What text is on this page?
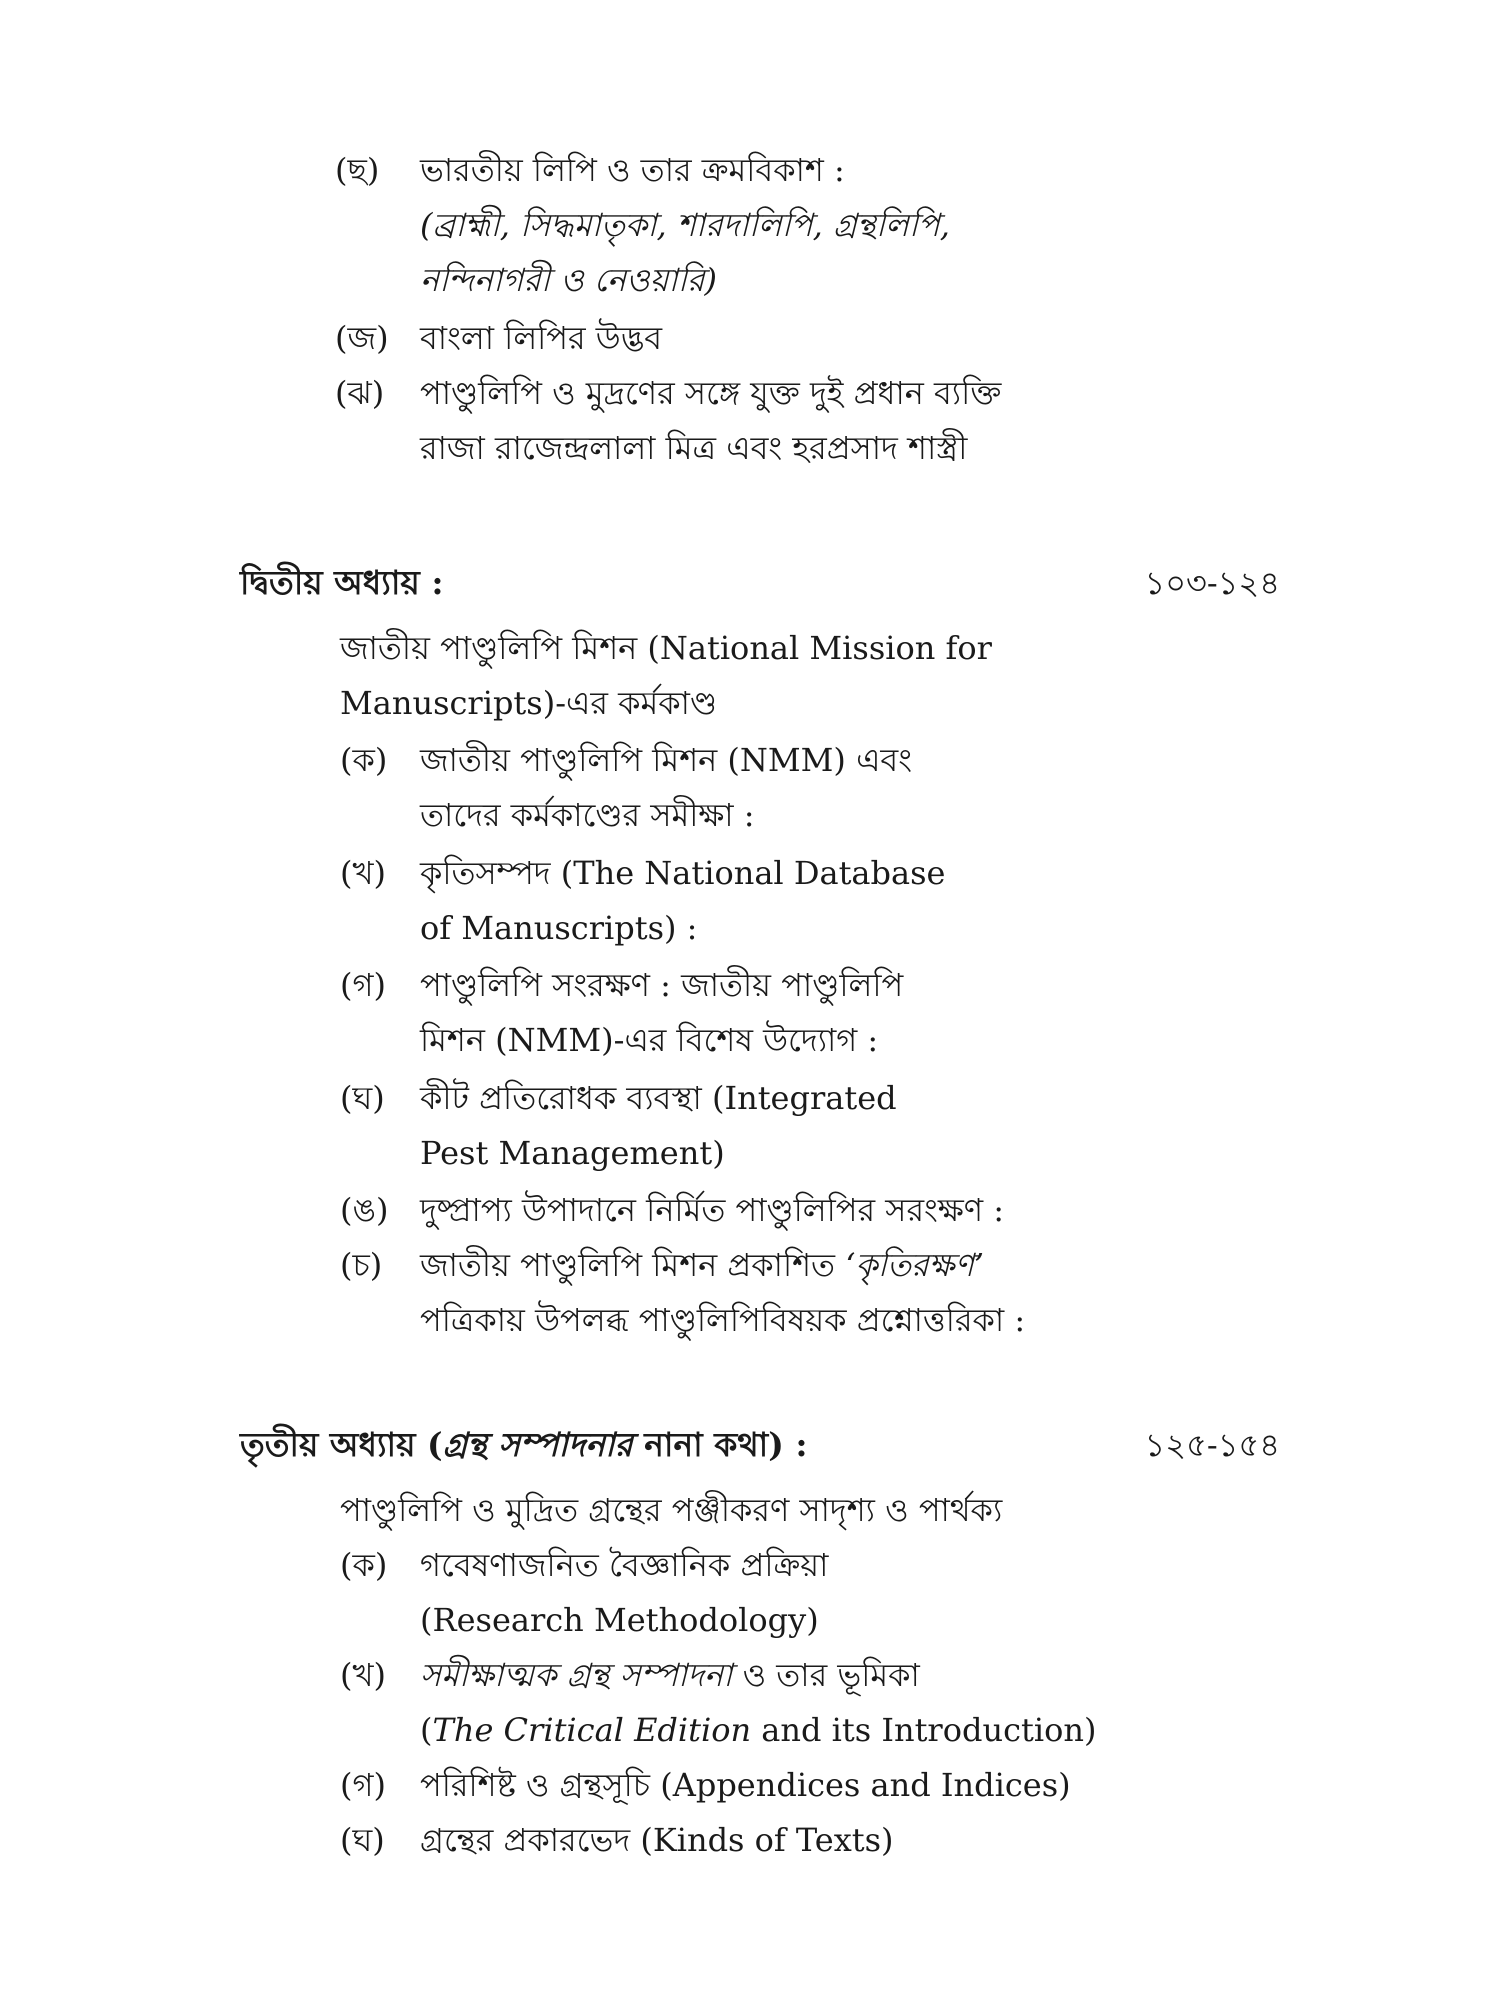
(ছ) ভারতীয় লিপি ও তার ক্রমবিকাশ :
(ব্রাহ্মী, সিদ্ধমাতৃকা, শারদালিপি, গ্রন্থলিপি,
নন্দিনাগরী ও নেওয়ারি)
(জ) বাংলা লিপির উদ্ভব
(ঝ) পাণ্ডুলিপি ও মুদ্রণের সঙ্গে যুক্ত দুই প্রধান ব্যক্তি
রাজা রাজেন্দ্রলালা মিত্র এবং হরপ্রসাদ শাস্ত্রী
দ্বিতীয় অধ্যায় :	১০৩-১২৪
জাতীয় পাণ্ডুলিপি মিশন (National Mission for
Manuscripts)-এর কর্মকাণ্ড
(ক) জাতীয় পাণ্ডুলিপি মিশন (NMM) এবং
তাদের কর্মকাণ্ডের সমীক্ষা :
(খ) কৃতিসম্পদ (The National Database
of Manuscripts) :
(গ) পাণ্ডুলিপি সংরক্ষণ : জাতীয় পাণ্ডুলিপি
মিশন (NMM)-এর বিশেষ উদ্যোগ :
(ঘ) কীট প্রতিরোধক ব্যবস্থা (Integrated
Pest Management)
(ঙ) দুষ্প্রাপ্য উপাদানে নির্মিত পাণ্ডুলিপির সরংক্ষণ :
(চ) জাতীয় পাণ্ডুলিপি মিশন প্রকাশিত ‘কৃতিরক্ষণ’
পত্রিকায় উপলব্ধ পাণ্ডুলিপিবিষয়ক প্রশ্নোত্তরিকা :
তৃতীয় অধ্যায় (গ্রন্থ সম্পাদনার নানা কথা) :	১২৫-১৫৪
পাণ্ডুলিপি ও মুদ্রিত গ্রন্থের পঞ্জীকরণ সাদৃশ্য ও পার্থক্য
(ক) গবেষণাজনিত বৈজ্ঞানিক প্রক্রিয়া
(Research Methodology)
(খ) সমীক্ষাত্মক গ্রন্থ সম্পাদনা ও তার ভূমিকা
(The Critical Edition and its Introduction)
(গ) পরিশিষ্ট ও গ্রন্থসূচি (Appendices and Indices)
(ঘ) গ্রন্থের প্রকারভেদ (Kinds of Texts)
